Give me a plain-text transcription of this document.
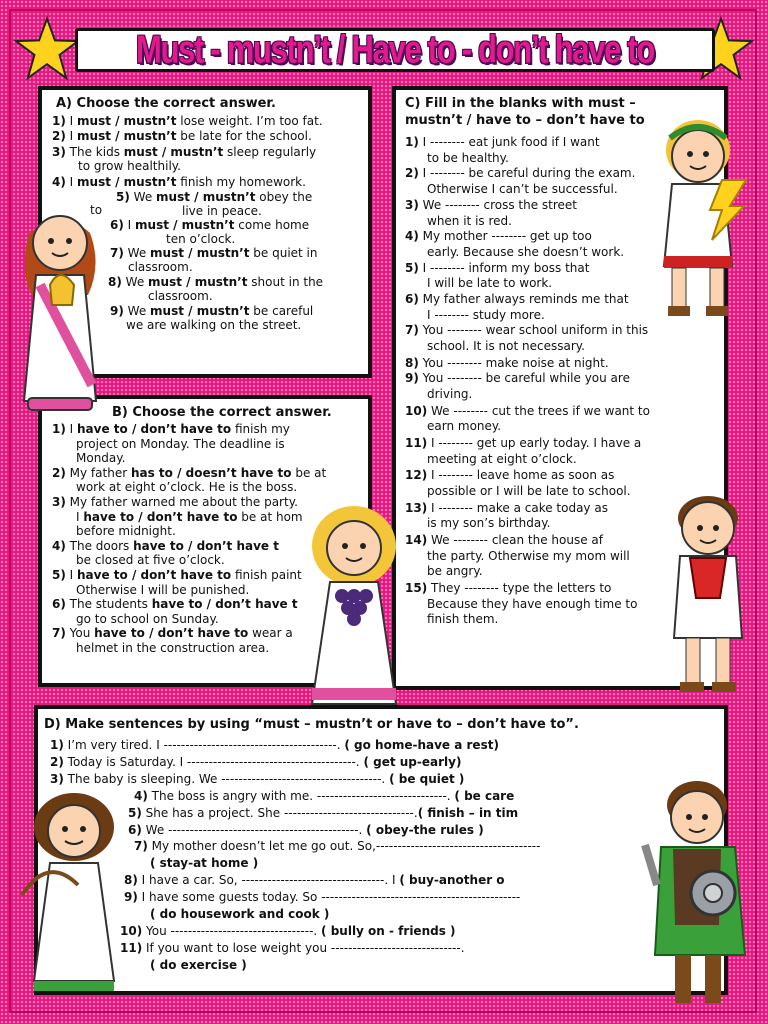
Must - mustn’t / Have to - don’t have to
A) Choose the correct answer.
1) I must / mustn’t lose weight. I’m too fat.
2) I must / mustn’t be late for the school.
3) The kids must / mustn’t sleep regularly
to grow healthily.
4) I must / mustn’t finish my homework.
5) We must / mustn’t obey the
live in peace.
6) I must / mustn’t come home
ten o’clock.
7) We must / mustn’t be quiet in
classroom.
8) We must / mustn’t shout in the
classroom.
9) We must / mustn’t be careful
we are walking on the street.
to
B) Choose the correct answer.
1) I have to / don’t have to finish my
project on Monday. The deadline is
Monday.
2) My father has to / doesn’t have to be at
work at eight o’clock. He is the boss.
3) My father warned me about the party.
I have to / don’t have to be at hom
before midnight.
4) The doors have to / don’t have t
be closed at five o’clock.
5) I have to / don’t have to finish paint
Otherwise I will be punished.
6) The students have to / don’t have t
go to school on Sunday.
7) You have to / don’t have to wear a
helmet in the construction area.
C) Fill in the blanks with must –
mustn’t / have to – don’t have to
1) I -------- eat junk food if I want
to be healthy.
2) I -------- be careful during the exam.
Otherwise I can’t be successful.
3) We -------- cross the street
when it is red.
4) My mother -------- get up too
early. Because she doesn’t work.
5) I -------- inform my boss that
I will be late to work.
6) My father always reminds me that
I -------- study more.
7) You -------- wear school uniform in this
school. It is not necessary.
8) You -------- make noise at night.
9) You -------- be careful while you are
driving.
10) We -------- cut the trees if we want to
earn money.
11) I -------- get up early today. I have a
meeting at eight o’clock.
12) I -------- leave home as soon as
possible or I will be late to school.
13) I -------- make a cake today as
is my son’s birthday.
14) We -------- clean the house af
the party. Otherwise my mom will
be angry.
15) They -------- type the letters to
Because they have enough time to
finish them.
D) Make sentences by using “must – mustn’t or have to – don’t have to”.
1) I’m very tired. I ----------------------------------------. ( go home-have a rest)
2) Today is Saturday. I ---------------------------------------. ( get up-early)
3) The baby is sleeping. We -------------------------------------. ( be quiet )
4) The boss is angry with me. ------------------------------. ( be care
5) She has a project. She ------------------------------.( finish – in tim
6) We --------------------------------------------. ( obey-the rules )
7) My mother doesn’t let me go out. So,--------------------------------------
( stay-at home )
8) I have a car. So, ---------------------------------. I ( buy-another o
9) I have some guests today. So ----------------------------------------------
( do housework and cook )
10) You ---------------------------------. ( bully on - friends )
11) If you want to lose weight you ------------------------------.
( do exercise )
